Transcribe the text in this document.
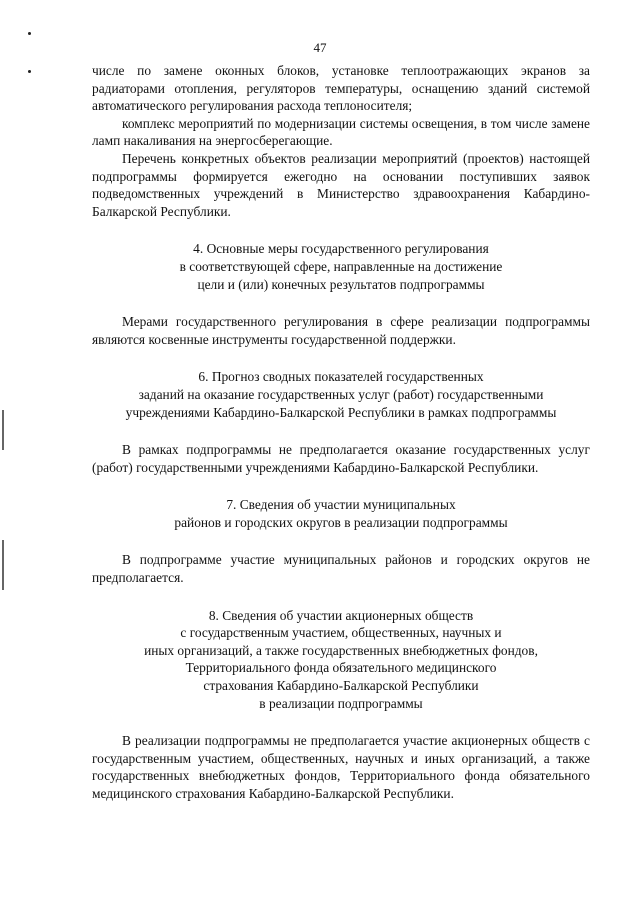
47

числе по замене оконных блоков, установке теплоотражающих экранов за радиаторами отопления, регуляторов температуры, оснащению зданий системой автоматического регулирования расхода теплоносителя;

комплекс мероприятий по модернизации системы освещения, в том числе замене ламп накаливания на энергосберегающие.

Перечень конкретных объектов реализации мероприятий (проектов) настоящей подпрограммы формируется ежегодно на основании поступивших заявок подведомственных учреждений в Министерство здравоохранения Кабардино-Балкарской Республики.

4. Основные меры государственного регулирования
в соответствующей сфере, направленные на достижение
цели и (или) конечных результатов подпрограммы

Мерами государственного регулирования в сфере реализации подпрограммы являются косвенные инструменты государственной поддержки.

6. Прогноз сводных показателей государственных
заданий на оказание государственных услуг (работ) государственными
учреждениями Кабардино-Балкарской Республики в рамках подпрограммы

В рамках подпрограммы не предполагается оказание государственных услуг (работ) государственными учреждениями Кабардино-Балкарской Республики.

7. Сведения об участии муниципальных
районов и городских округов в реализации подпрограммы

В подпрограмме участие муниципальных районов и городских округов не предполагается.

8. Сведения об участии акционерных обществ
с государственным участием, общественных, научных и
иных организаций, а также государственных внебюджетных фондов,
Территориального фонда обязательного медицинского
страхования Кабардино-Балкарской Республики
в реализации подпрограммы

В реализации подпрограммы не предполагается участие акционерных обществ с государственным участием, общественных, научных и иных организаций, а также государственных внебюджетных фондов, Территориального фонда обязательного медицинского страхования Кабардино-Балкарской Республики.
